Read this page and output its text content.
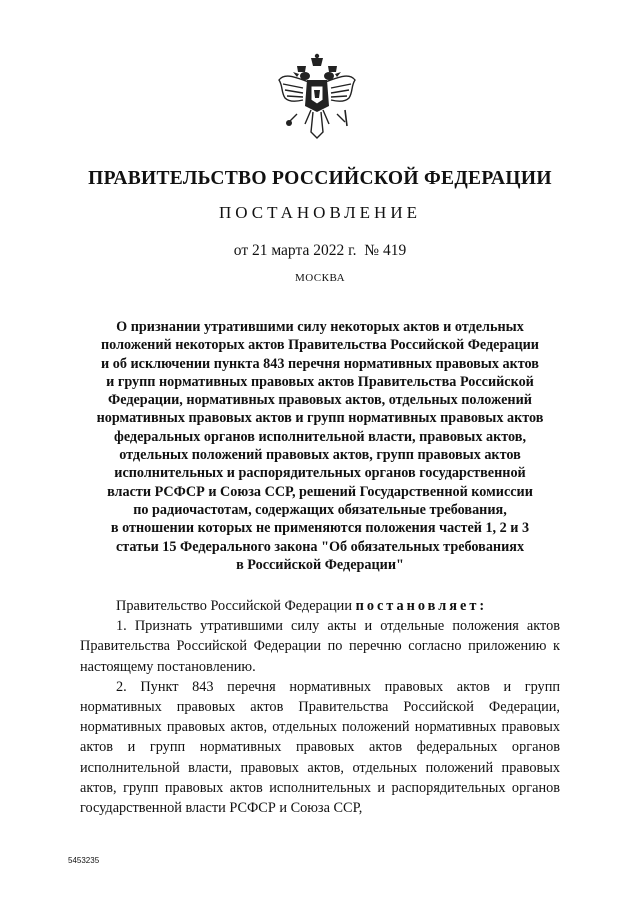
ПРАВИТЕЛЬСТВО РОССИЙСКОЙ ФЕДЕРАЦИИ
ПОСТАНОВЛЕНИЕ
от 21 марта 2022 г.  № 419
МОСКВА
О признании утратившими силу некоторых актов и отдельных
положений некоторых актов Правительства Российской Федерации
и об исключении пункта 843 перечня нормативных правовых актов
и групп нормативных правовых актов Правительства Российской
Федерации, нормативных правовых актов, отдельных положений
нормативных правовых актов и групп нормативных правовых актов
федеральных органов исполнительной власти, правовых актов,
отдельных положений правовых актов, групп правовых актов
исполнительных и распорядительных органов государственной
власти РСФСР и Союза ССР, решений Государственной комиссии
по радиочастотам, содержащих обязательные требования,
в отношении которых не применяются положения частей 1, 2 и 3
статьи 15 Федерального закона "Об обязательных требованиях
в Российской Федерации"

Правительство Российской Федерации постановляет:

1. Признать утратившими силу акты и отдельные положения актов Правительства Российской Федерации по перечню согласно приложению к настоящему постановлению.

2. Пункт 843 перечня нормативных правовых актов и групп нормативных правовых актов Правительства Российской Федерации, нормативных правовых актов, отдельных положений нормативных правовых актов и групп нормативных правовых актов федеральных органов исполнительной власти, правовых актов, отдельных положений правовых актов, групп правовых актов исполнительных и распорядительных органов государственной власти РСФСР и Союза ССР,

5453235
